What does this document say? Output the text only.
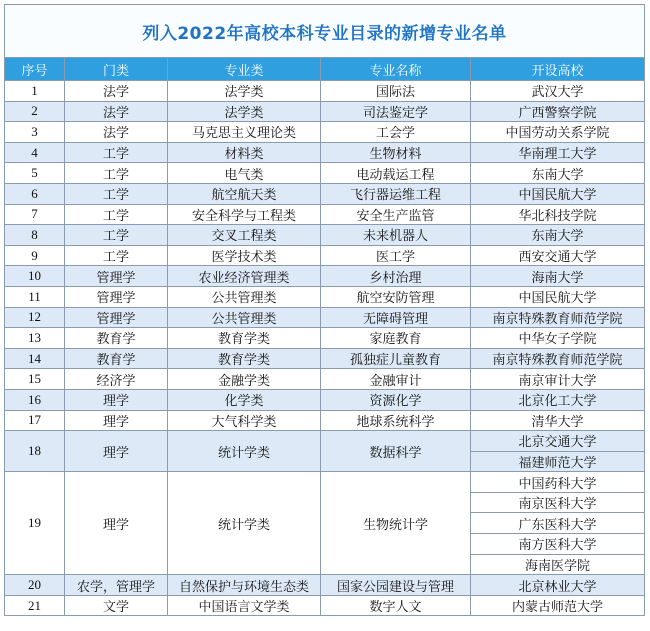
列入2022年高校本科专业目录的新增专业名单				
序号	门类	专业类	专业名称	开设高校
1	法学	法学类	国际法	武汉大学
2	法学	法学类	司法鉴定学	广西警察学院
3	法学	马克思主义理论类	工会学	中国劳动关系学院
4	工学	材料类	生物材料	华南理工大学
5	工学	电气类	电动载运工程	东南大学
6	工学	航空航天类	飞行器运维工程	中国民航大学
7	工学	安全科学与工程类	安全生产监管	华北科技学院
8	工学	交叉工程类	未来机器人	东南大学
9	工学	医学技术类	医工学	西安交通大学
10	管理学	农业经济管理类	乡村治理	海南大学
11	管理学	公共管理类	航空安防管理	中国民航大学
12	管理学	公共管理类	无障碍管理	南京特殊教育师范学院
13	教育学	教育学类	家庭教育	中华女子学院
14	教育学	教育学类	孤独症儿童教育	南京特殊教育师范学院
15	经济学	金融学类	金融审计	南京审计大学
16	理学	化学类	资源化学	北京化工大学
17	理学	大气科学类	地球系统科学	清华大学
18	理学	统计学类	数据科学	北京交通大学
				福建师范大学
19	理学	统计学类	生物统计学	中国药科大学
				南京医科大学
				广东医科大学
				南方医科大学
				海南医学院
20	农学，管理学	自然保护与环境生态类	国家公园建设与管理	北京林业大学
21	文学	中国语言文学类	数字人文	内蒙古师范大学
